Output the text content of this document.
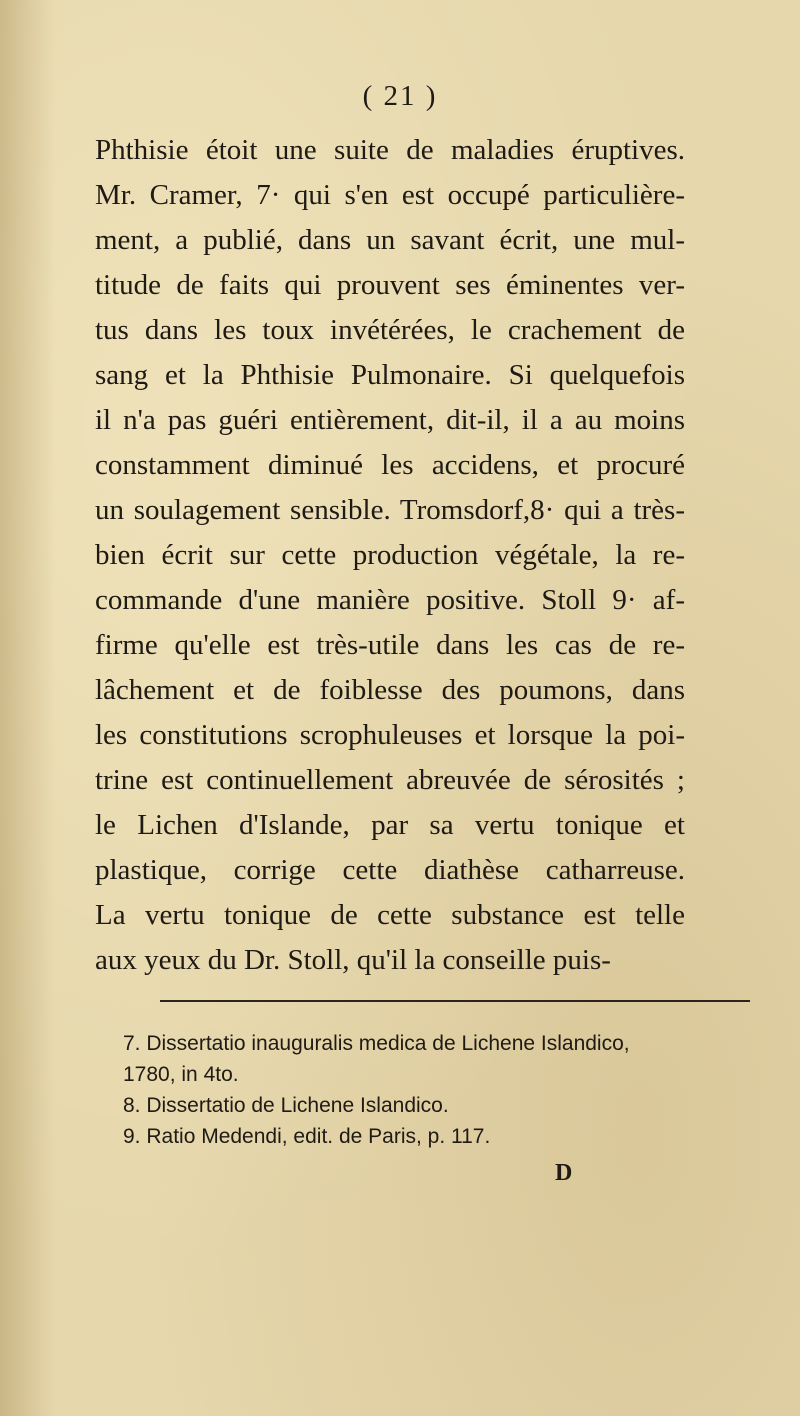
( 21 )
Phthisie étoit une suite de maladies éruptives.
Mr. Cramer, 7· qui s'en est occupé particulière-
ment, a publié, dans un savant écrit, une mul-
titude de faits qui prouvent ses éminentes ver-
tus dans les toux invétérées, le crachement de
sang et la Phthisie Pulmonaire. Si quelquefois
il n'a pas guéri entièrement, dit-il, il a au moins
constamment diminué les accidens, et procuré
un soulagement sensible. Tromsdorf,8· qui a très-
bien écrit sur cette production végétale, la re-
commande d'une manière positive. Stoll 9· af-
firme qu'elle est très-utile dans les cas de re-
lâchement et de foiblesse des poumons, dans
les constitutions scrophuleuses et lorsque la poi-
trine est continuellement abreuvée de sérosités ;
le Lichen d'Islande, par sa vertu tonique et
plastique, corrige cette diathèse catharreuse.
La vertu tonique de cette substance est telle
aux yeux du Dr. Stoll, qu'il la conseille puis-
7. Dissertatio inauguralis medica de Lichene Islandico,
1780, in 4to.
8. Dissertatio de Lichene Islandico.
9. Ratio Medendi, edit. de Paris, p. 117.
D
